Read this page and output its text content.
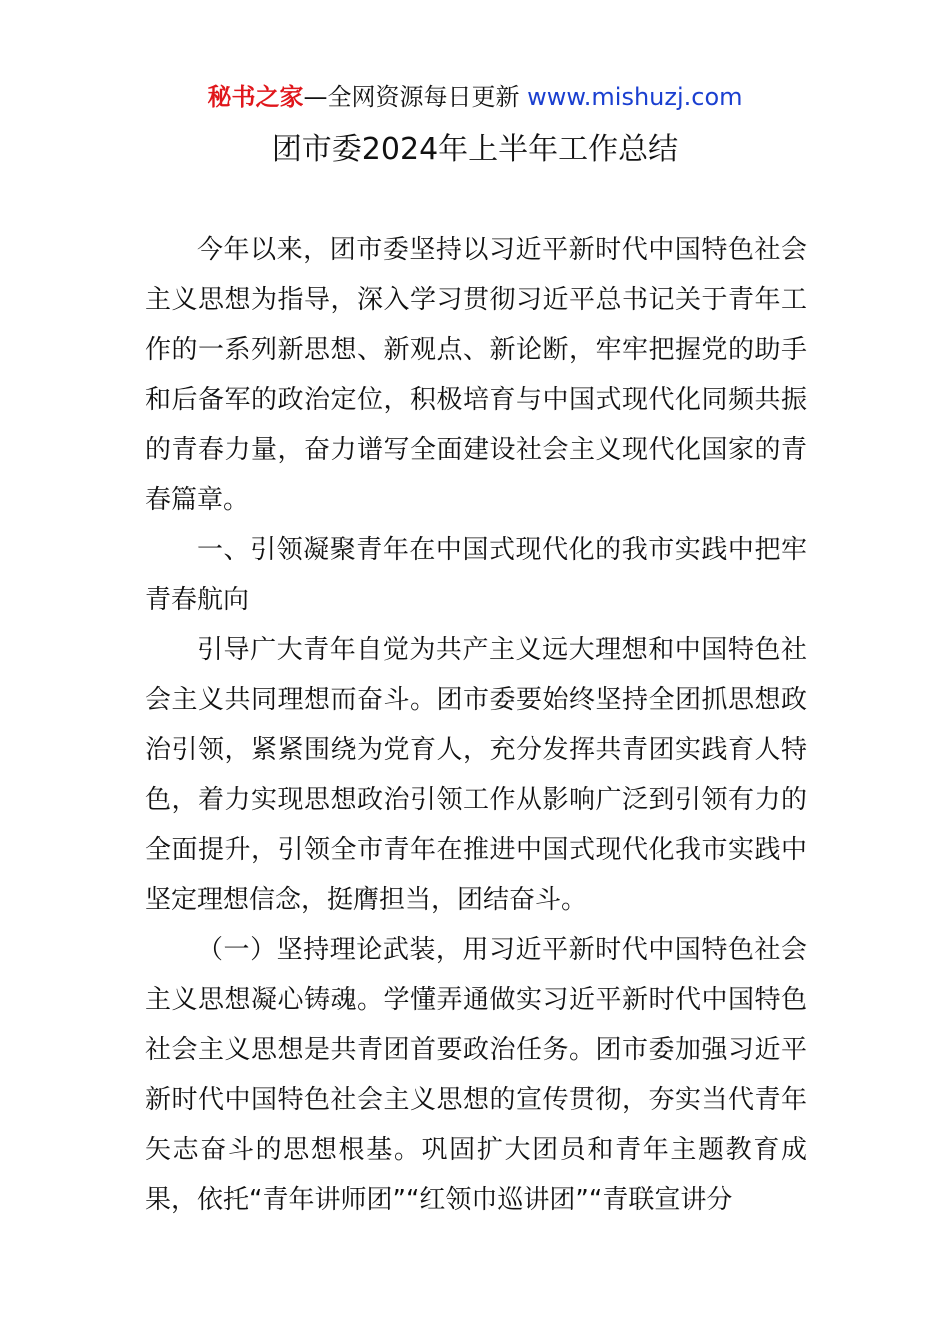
秘书之家—全网资源每日更新 www.mishuzj.com
团市委2024年上半年工作总结

今年以来，团市委坚持以习近平新时代中国特色社会主义思想为指导，深入学习贯彻习近平总书记关于青年工作的一系列新思想、新观点、新论断，牢牢把握党的助手和后备军的政治定位，积极培育与中国式现代化同频共振的青春力量，奋力谱写全面建设社会主义现代化国家的青春篇章。

一、引领凝聚青年在中国式现代化的我市实践中把牢青春航向

引导广大青年自觉为共产主义远大理想和中国特色社会主义共同理想而奋斗。团市委要始终坚持全团抓思想政治引领，紧紧围绕为党育人，充分发挥共青团实践育人特色，着力实现思想政治引领工作从影响广泛到引领有力的全面提升，引领全市青年在推进中国式现代化我市实践中坚定理想信念，挺膺担当，团结奋斗。

（一）坚持理论武装，用习近平新时代中国特色社会主义思想凝心铸魂。学懂弄通做实习近平新时代中国特色社会主义思想是共青团首要政治任务。团市委加强习近平新时代中国特色社会主义思想的宣传贯彻，夯实当代青年矢志奋斗的思想根基。巩固扩大团员和青年主题教育成果，依托“青年讲师团”“红领巾巡讲团”“青联宣讲分
